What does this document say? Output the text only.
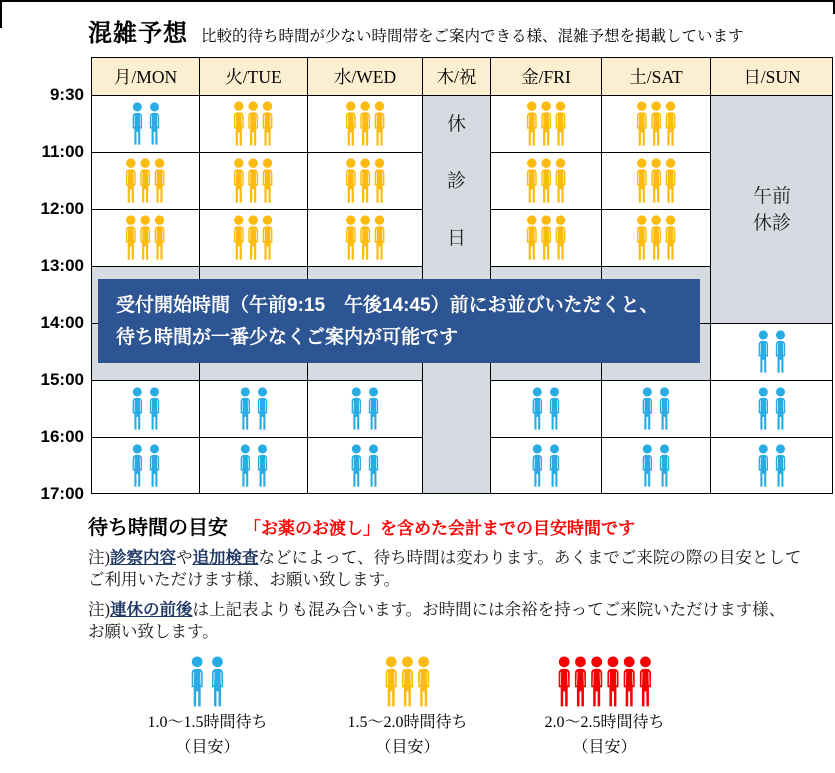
混雑予想 比較的待ち時間が少ない時間帯をご案内できる様、混雑予想を掲載しています
月/MON	火/TUE	水/WED	木/祝	金/FRI	土/SAT	日/SUN
休
診
日
午前
休診
受付開始時間（午前9:15　午後14:45）前にお並びいただくと、
待ち時間が一番少なくご案内が可能です
待ち時間の目安 「お薬のお渡し」を含めた会計までの目安時間です

注)診察内容や追加検査などによって、待ち時間は変わります。あくまでご来院の際の目安として
ご利用いただけます様、お願い致します。

注)連休の前後は上記表よりも混み合います。お時間には余裕を持ってご来院いただけます様、
お願い致します。

1.0～1.5時間待ち
（目安）
1.5～2.0時間待ち
（目安）
2.0～2.5時間待ち
（目安）
9:30
11:00
12:00
13:00
14:00
15:00
16:00
17:00
